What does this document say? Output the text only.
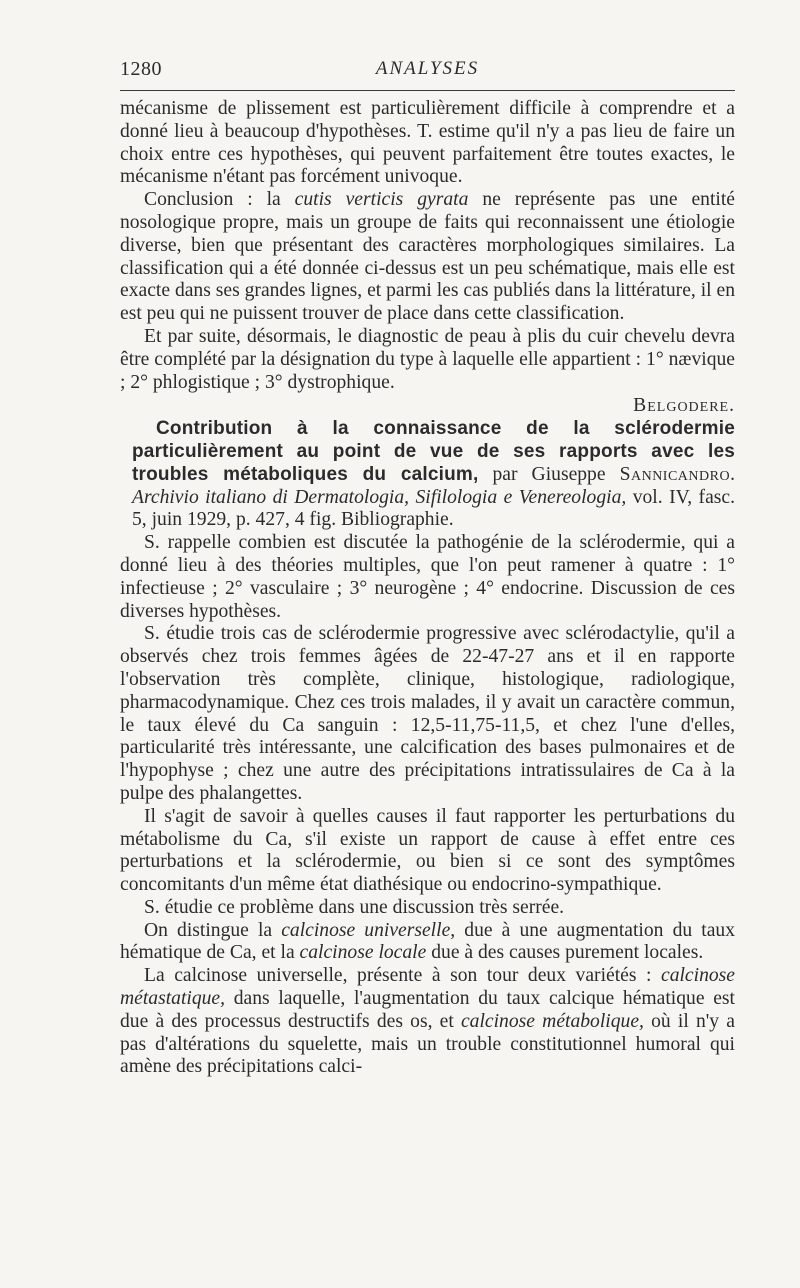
1280	ANALYSES

mécanisme de plissement est particulièrement difficile à comprendre et a donné lieu à beaucoup d'hypothèses. T. estime qu'il n'y a pas lieu de faire un choix entre ces hypothèses, qui peuvent parfaitement être toutes exactes, le mécanisme n'étant pas forcément univoque.

Conclusion : la cutis verticis gyrata ne représente pas une entité nosologique propre, mais un groupe de faits qui reconnaissent une étiologie diverse, bien que présentant des caractères morphologiques similaires. La classification qui a été donnée ci-dessus est un peu schématique, mais elle est exacte dans ses grandes lignes, et parmi les cas publiés dans la littérature, il en est peu qui ne puissent trouver de place dans cette classification.

Et par suite, désormais, le diagnostic de peau à plis du cuir chevelu devra être complété par la désignation du type à laquelle elle appartient : 1° nævique ; 2° phlogistique ; 3° dystrophique.

Belgodere.

Contribution à la connaissance de la sclérodermie particulièrement au point de vue de ses rapports avec les troubles métaboliques du calcium, par Giuseppe Sannicandro. Archivio italiano di Dermatologia, Sifilologia e Venereologia, vol. IV, fasc. 5, juin 1929, p. 427, 4 fig. Bibliographie.

S. rappelle combien est discutée la pathogénie de la sclérodermie, qui a donné lieu à des théories multiples, que l'on peut ramener à quatre : 1° infectieuse ; 2° vasculaire ; 3° neurogène ; 4° endocrine. Discussion de ces diverses hypothèses.

S. étudie trois cas de sclérodermie progressive avec sclérodactylie, qu'il a observés chez trois femmes âgées de 22-47-27 ans et il en rapporte l'observation très complète, clinique, histologique, radiologique, pharmacodynamique. Chez ces trois malades, il y avait un caractère commun, le taux élevé du Ca sanguin : 12,5-11,75-11,5, et chez l'une d'elles, particularité très intéressante, une calcification des bases pulmonaires et de l'hypophyse ; chez une autre des précipitations intratissulaires de Ca à la pulpe des phalangettes.

Il s'agit de savoir à quelles causes il faut rapporter les perturbations du métabolisme du Ca, s'il existe un rapport de cause à effet entre ces perturbations et la sclérodermie, ou bien si ce sont des symptômes concomitants d'un même état diathésique ou endocrino-sympathique.

S. étudie ce problème dans une discussion très serrée.

On distingue la calcinose universelle, due à une augmentation du taux hématique de Ca, et la calcinose locale due à des causes purement locales.

La calcinose universelle, présente à son tour deux variétés : calcinose métastatique, dans laquelle, l'augmentation du taux calcique hématique est due à des processus destructifs des os, et calcinose métabolique, où il n'y a pas d'altérations du squelette, mais un trouble constitutionnel humoral qui amène des précipitations calci-
